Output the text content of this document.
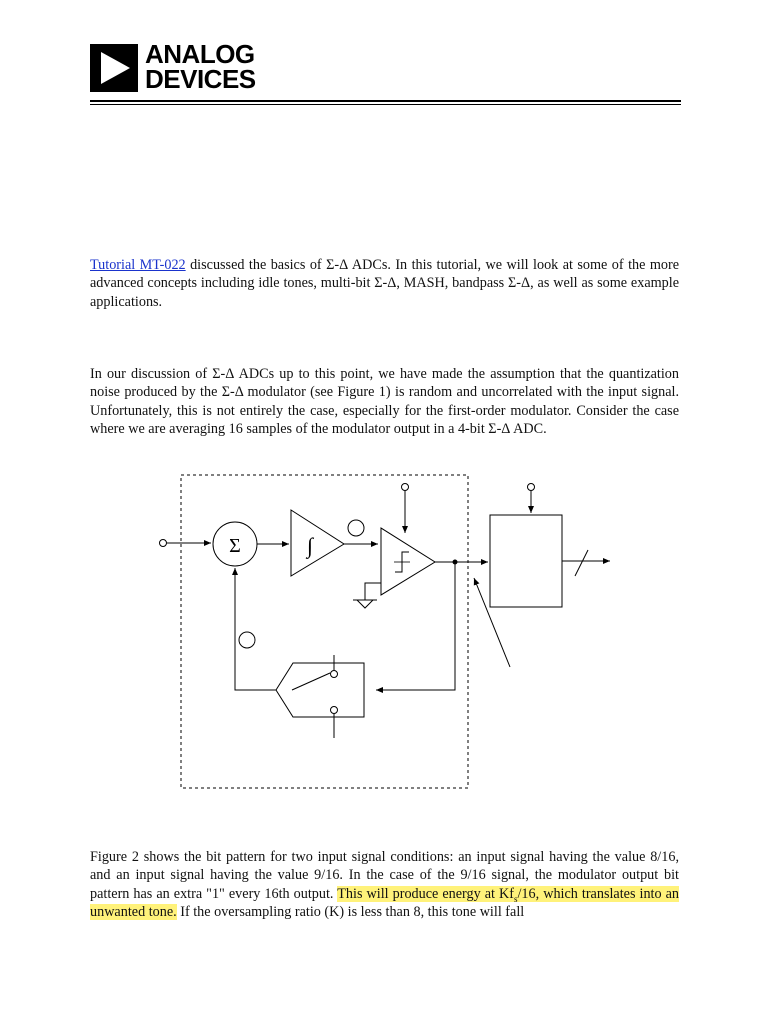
ANALOG
DEVICES

Tutorial MT-022 discussed the basics of Σ-Δ ADCs. In this tutorial, we will look at some of the more advanced concepts including idle tones, multi-bit Σ-Δ, MASH, bandpass Σ-Δ, as well as some example applications.

In our discussion of Σ-Δ ADCs up to this point, we have made the assumption that the quantization noise produced by the Σ-Δ modulator (see Figure 1) is random and uncorrelated with the input signal. Unfortunately, this is not entirely the case, especially for the first-order modulator. Consider the case where we are averaging 16 samples of the modulator output in a 4-bit Σ-Δ ADC.

Σ	∫

Figure 2 shows the bit pattern for two input signal conditions: an input signal having the value 8/16, and an input signal having the value 9/16. In the case of the 9/16 signal, the modulator output bit pattern has an extra "1" every 16th output. This will produce energy at $Kf_s/16$, which translates into an unwanted tone. If the oversampling ratio (K) is less than 8, this tone will fall
